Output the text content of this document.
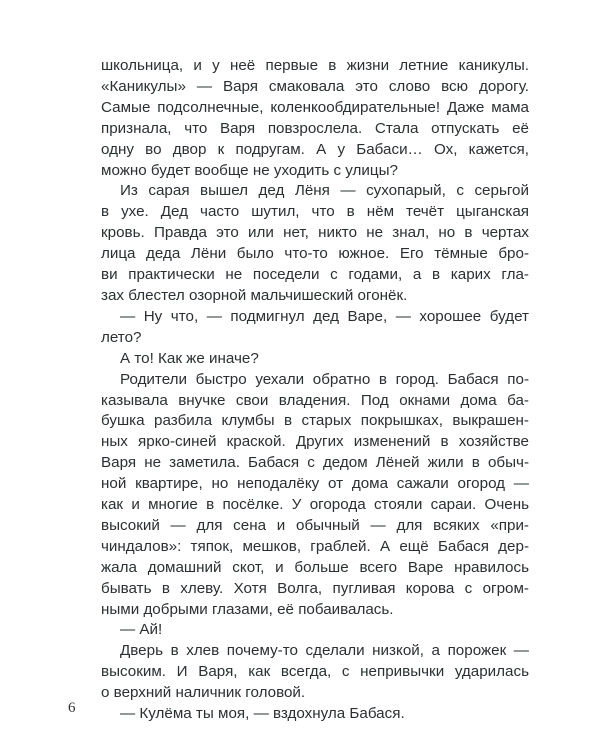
школьница, и у неё первые в жизни летние каникулы.

«Каникулы» — Варя смаковала это слово всю дорогу.

Самые подсолнечные, коленкообдирательные! Даже мама

признала, что Варя повзрослела. Стала отпускать её

одну во двор к подругам. А у Бабаси… Ох, кажется,

можно будет вообще не уходить с улицы?

Из сарая вышел дед Лёня — сухопарый, с серьгой

в ухе. Дед часто шутил, что в нём течёт цыганская

кровь. Правда это или нет, никто не знал, но в чертах

лица деда Лёни было что-то южное. Его тёмные бро-

ви практически не поседели с годами, а в карих гла-

зах блестел озорной мальчишеский огонёк.

— Ну что, — подмигнул дед Варе, — хорошее будет

лето?

А то! Как же иначе?

Родители быстро уехали обратно в город. Бабася по-

казывала внучке свои владения. Под окнами дома ба-

бушка разбила клумбы в старых покрышках, выкрашен-

ных ярко-синей краской. Других изменений в хозяйстве

Варя не заметила. Бабася с дедом Лёней жили в обыч-

ной квартире, но неподалёку от дома сажали огород —

как и многие в посёлке. У огорода стояли сараи. Очень

высокий — для сена и обычный — для всяких «при-

чиндалов»: тяпок, мешков, граблей. А ещё Бабася дер-

жала домашний скот, и больше всего Варе нравилось

бывать в хлеву. Хотя Волга, пугливая корова с огром-

ными добрыми глазами, её побаивалась.

— Ай!

Дверь в хлев почему-то сделали низкой, а порожек —

высоким. И Варя, как всегда, с непривычки ударилась

о верхний наличник головой.

— Кулёма ты моя, — вздохнула Бабася.

6
